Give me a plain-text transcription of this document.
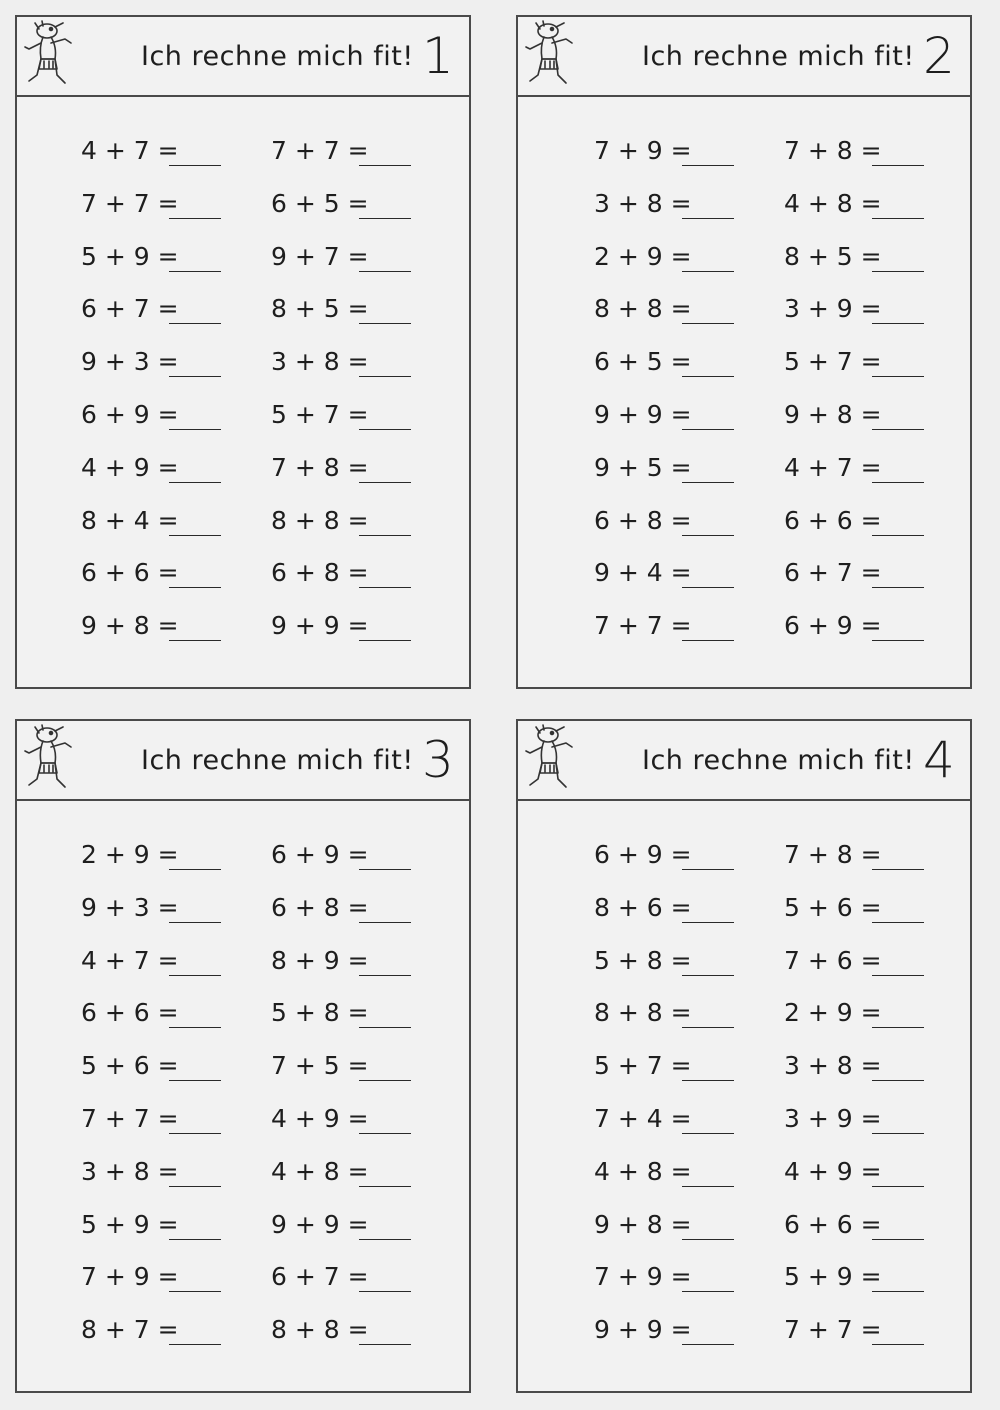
Ich rechne mich fit! 1
4 + 7 =	7 + 7 =
7 + 7 =	6 + 5 =
5 + 9 =	9 + 7 =
6 + 7 =	8 + 5 =
9 + 3 =	3 + 8 =
6 + 9 =	5 + 7 =
4 + 9 =	7 + 8 =
8 + 4 =	8 + 8 =
6 + 6 =	6 + 8 =
9 + 8 =	9 + 9 =
Ich rechne mich fit! 2
7 + 9 =	7 + 8 =
3 + 8 =	4 + 8 =
2 + 9 =	8 + 5 =
8 + 8 =	3 + 9 =
6 + 5 =	5 + 7 =
9 + 9 =	9 + 8 =
9 + 5 =	4 + 7 =
6 + 8 =	6 + 6 =
9 + 4 =	6 + 7 =
7 + 7 =	6 + 9 =
Ich rechne mich fit! 3
2 + 9 =	6 + 9 =
9 + 3 =	6 + 8 =
4 + 7 =	8 + 9 =
6 + 6 =	5 + 8 =
5 + 6 =	7 + 5 =
7 + 7 =	4 + 9 =
3 + 8 =	4 + 8 =
5 + 9 =	9 + 9 =
7 + 9 =	6 + 7 =
8 + 7 =	8 + 8 =
Ich rechne mich fit! 4
6 + 9 =	7 + 8 =
8 + 6 =	5 + 6 =
5 + 8 =	7 + 6 =
8 + 8 =	2 + 9 =
5 + 7 =	3 + 8 =
7 + 4 =	3 + 9 =
4 + 8 =	4 + 9 =
9 + 8 =	6 + 6 =
7 + 9 =	5 + 9 =
9 + 9 =	7 + 7 =
